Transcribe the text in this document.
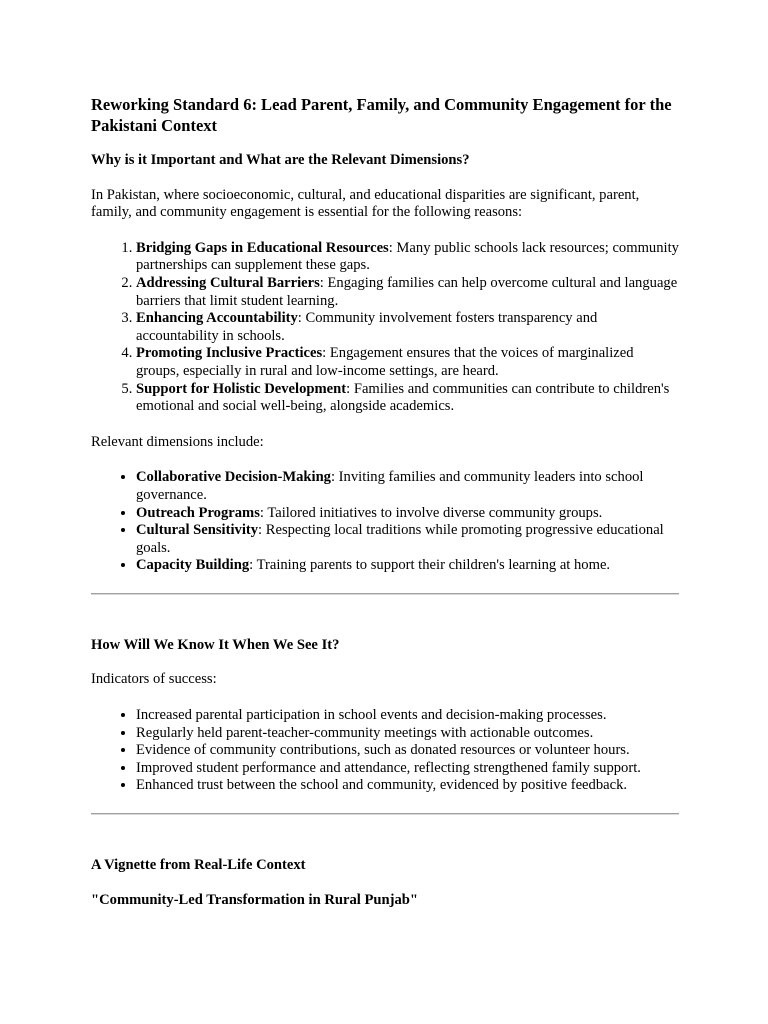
Reworking Standard 6: Lead Parent, Family, and Community Engagement for the Pakistani Context
Why is it Important and What are the Relevant Dimensions?

In Pakistan, where socioeconomic, cultural, and educational disparities are significant, parent, family, and community engagement is essential for the following reasons:

1. Bridging Gaps in Educational Resources: Many public schools lack resources; community partnerships can supplement these gaps.
2. Addressing Cultural Barriers: Engaging families can help overcome cultural and language barriers that limit student learning.
3. Enhancing Accountability: Community involvement fosters transparency and accountability in schools.
4. Promoting Inclusive Practices: Engagement ensures that the voices of marginalized groups, especially in rural and low-income settings, are heard.
5. Support for Holistic Development: Families and communities can contribute to children's emotional and social well-being, alongside academics.

Relevant dimensions include:

• Collaborative Decision-Making: Inviting families and community leaders into school governance.
• Outreach Programs: Tailored initiatives to involve diverse community groups.
• Cultural Sensitivity: Respecting local traditions while promoting progressive educational goals.
• Capacity Building: Training parents to support their children's learning at home.
How Will We Know It When We See It?

Indicators of success:

• Increased parental participation in school events and decision-making processes.
• Regularly held parent-teacher-community meetings with actionable outcomes.
• Evidence of community contributions, such as donated resources or volunteer hours.
• Improved student performance and attendance, reflecting strengthened family support.
• Enhanced trust between the school and community, evidenced by positive feedback.
A Vignette from Real-Life Context
"Community-Led Transformation in Rural Punjab"
